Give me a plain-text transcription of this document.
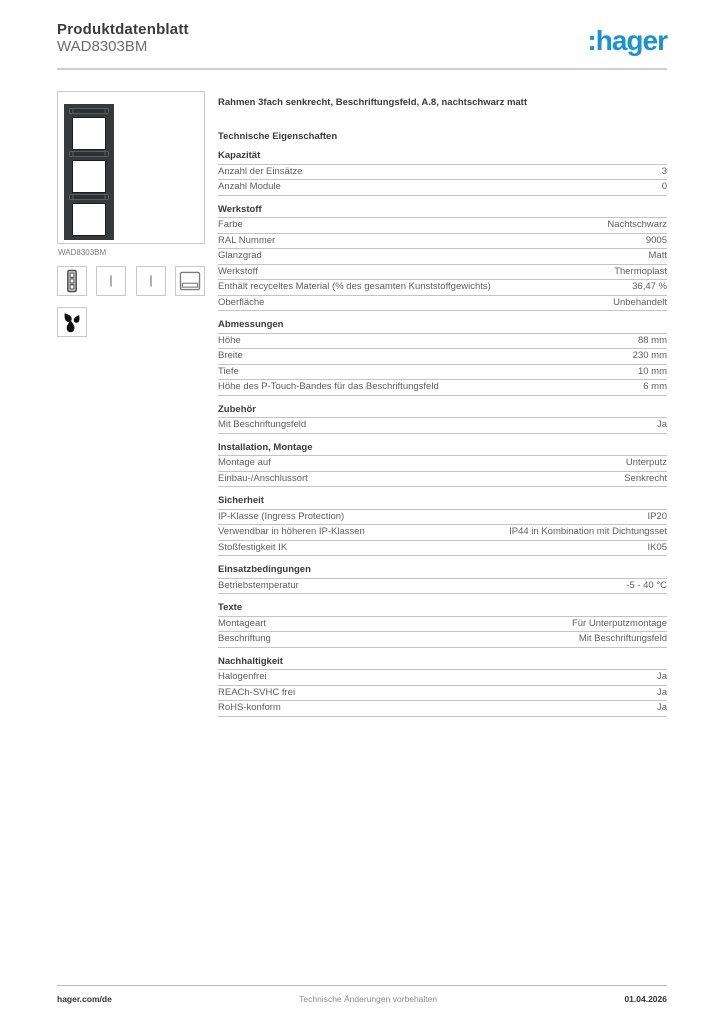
Produktdatenblatt
WAD8303BM	:hager
WAD8303BM
Rahmen 3fach senkrecht, Beschriftungsfeld, A.8, nachtschwarz matt
Technische Eigenschaften
Kapazität
Anzahl der Einsätze	3
Anzahl Module	0
Werkstoff
Farbe	Nachtschwarz
RAL Nummer	9005
Glanzgrad	Matt
Werkstoff	Thermoplast
Enthält recyceltes Material (% des gesamten Kunststoffgewichts)	36,47 %
Oberfläche	Unbehandelt
Abmessungen
Höhe	88 mm
Breite	230 mm
Tiefe	10 mm
Höhe des P-Touch-Bandes für das Beschriftungsfeld	6 mm
Zubehör
Mit Beschriftungsfeld	Ja
Installation, Montage
Montage auf	Unterputz
Einbau-/Anschlussort	Senkrecht
Sicherheit
IP-Klasse (Ingress Protection)	IP20
Verwendbar in höheren IP-Klassen	IP44 in Kombination mit Dichtungsset
Stoßfestigkeit IK	IK05
Einsatzbedingungen
Betriebstemperatur	-5 - 40 °C
Texte
Montageart	Für Unterputzmontage
Beschriftung	Mit Beschriftungsfeld
Nachhaltigkeit
Halogenfrei	Ja
REACh-SVHC frei	Ja
RoHS-konform	Ja
hager.com/de	Technische Änderungen vorbehalten	01.04.2026
